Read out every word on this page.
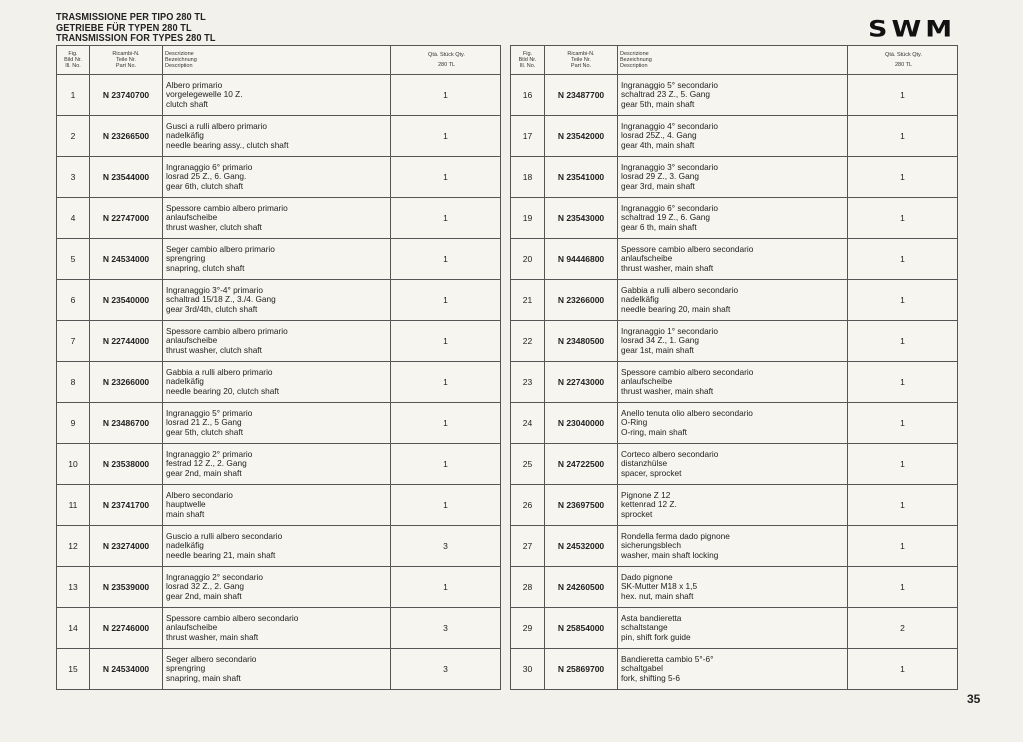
TRASMISSIONE PER TIPO 280 TL
GETRIEBE FÜR TYPEN 280 TL
TRANSMISSION FOR TYPES 280 TL	SWM
Fig.
Bild Nr.
Ill. No.	Ricambi-N.
Teile Nr.
Part No.	Descrizione
Bezeichnung
Description	Qtà. Stück Qty.
280 TL

1	N 23740700	Albero primario
vorgelegewelle 10 Z.
clutch shaft	1
2	N 23266500	Gusci a rulli albero primario
nadelkäfig
needle bearing assy., clutch shaft	1
3	N 23544000	Ingranaggio 6° primario
losrad 25 Z., 6. Gang.
gear 6th, clutch shaft	1
4	N 22747000	Spessore cambio albero primario
anlaufscheibe
thrust washer, clutch shaft	1
5	N 24534000	Seger cambio albero primario
sprengring
snapring, clutch shaft	1
6	N 23540000	Ingranaggio 3°-4° primario
schaltrad 15/18 Z., 3./4. Gang
gear 3rd/4th, clutch shaft	1
7	N 22744000	Spessore cambio albero primario
anlaufscheibe
thrust washer, clutch shaft	1
8	N 23266000	Gabbia a rulli albero primario
nadelkäfig
needle bearing 20, clutch shaft	1
9	N 23486700	Ingranaggio 5° primario
losrad 21 Z., 5 Gang
gear 5th, clutch shaft	1
10	N 23538000	Ingranaggio 2° primario
festrad 12 Z., 2. Gang
gear 2nd, main shaft	1
11	N 23741700	Albero secondario
hauptwelle
main shaft	1
12	N 23274000	Guscio a rulli albero secondario
nadelkäfig
needle bearing 21, main shaft	3
13	N 23539000	Ingranaggio 2° secondario
losrad 32 Z., 2. Gang
gear 2nd, main shaft	1
14	N 22746000	Spessore cambio albero secondario
anlaufscheibe
thrust washer, main shaft	3
15	N 24534000	Seger albero secondario
sprengring
snapring, main shaft	3
Fig.
Bild Nr.
Ill. No.	Ricambi-N.
Teile Nr.
Part No.	Descrizione
Bezeichnung
Description	Qtà. Stück Qty.
280 TL

16	N 23487700	Ingranaggio 5° secondario
schaltrad 23 Z., 5. Gang
gear 5th, main shaft	1
17	N 23542000	Ingranaggio 4° secondario
losrad 25Z., 4. Gang
gear 4th, main shaft	1
18	N 23541000	Ingranaggio 3° secondario
losrad 29 Z., 3. Gang
gear 3rd, main shaft	1
19	N 23543000	Ingranaggio 6° secondario
schaltrad 19 Z., 6. Gang
gear 6 th, main shaft	1
20	N 94446800	Spessore cambio albero secondario
anlaufscheibe
thrust washer, main shaft	1
21	N 23266000	Gabbia a rulli albero secondario
nadelkäfig
needle bearing 20, main shaft	1
22	N 23480500	Ingranaggio 1° secondario
losrad 34 Z., 1. Gang
gear 1st, main shaft	1
23	N 22743000	Spessore cambio albero secondario
anlaufscheibe
thrust washer, main shaft	1
24	N 23040000	Anello tenuta olio albero secondario
O-Ring
O-ring, main shaft	1
25	N 24722500	Corteco albero secondario
distanzhülse
spacer, sprocket	1
26	N 23697500	Pignone Z 12
kettenrad 12 Z.
sprocket	1
27	N 24532000	Rondella ferma dado pignone
sicherungsblech
washer, main shaft locking	1
28	N 24260500	Dado pignone
SK-Mutter M18 x 1,5
hex. nut, main shaft	1
29	N 25854000	Asta bandieretta
schaltstange
pin, shift fork guide	2
30	N 25869700	Bandieretta cambio 5°-6°
schaltgabel
fork, shifting 5-6	1
35
